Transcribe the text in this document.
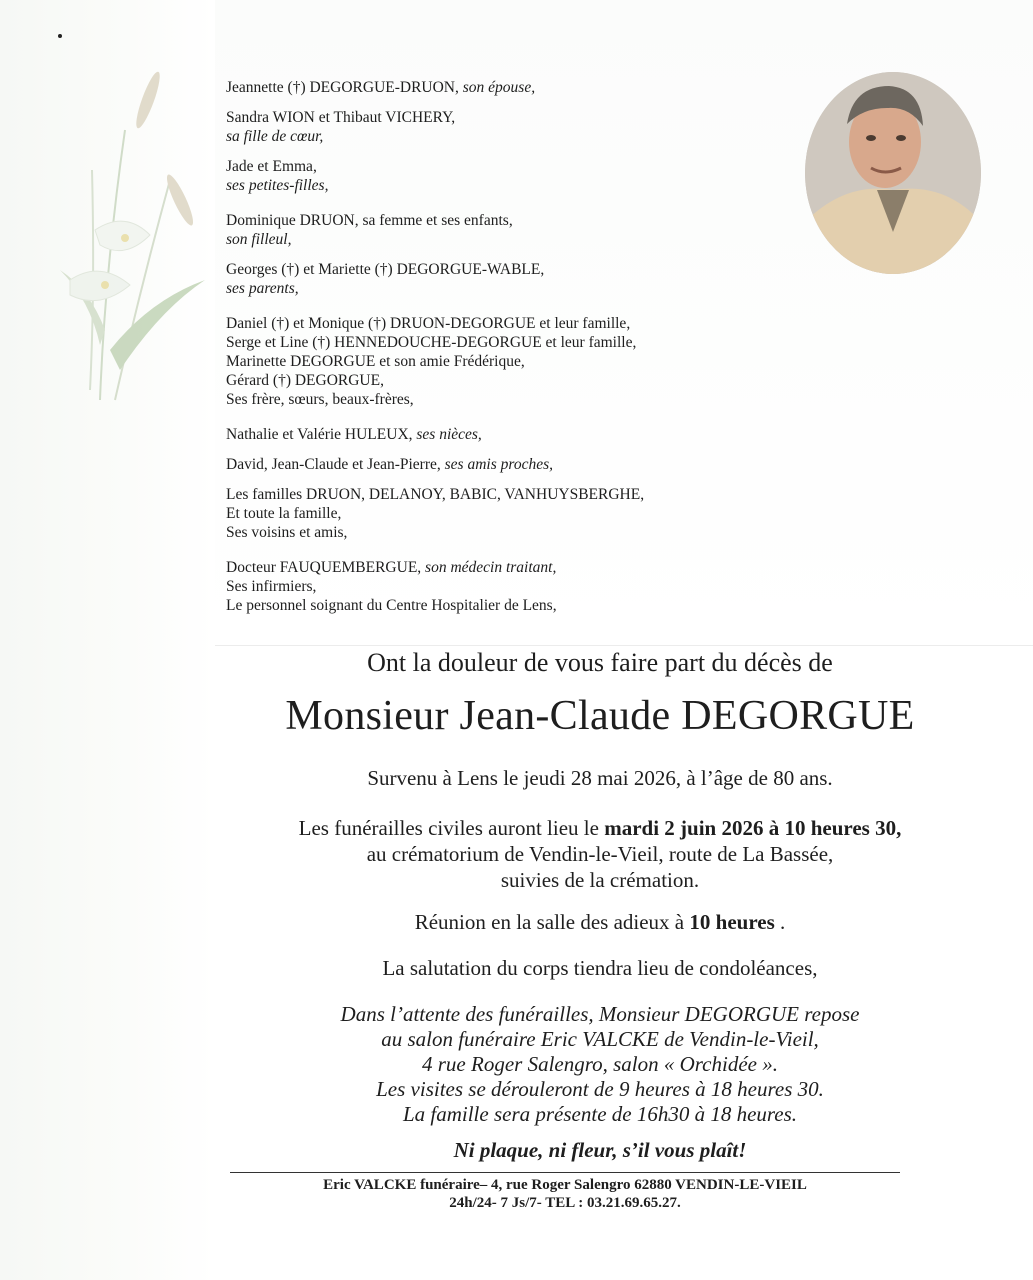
Jeannette (†) DEGORGUE-DRUON, son épouse,
Sandra WION et Thibaut VICHERY,
sa fille de cœur,
Jade et Emma,
ses petites-filles,
Dominique DRUON, sa femme et ses enfants,
son filleul,
Georges (†) et Mariette (†) DEGORGUE-WABLE,
ses parents,
Daniel (†) et Monique (†) DRUON-DEGORGUE et leur famille,
Serge et Line (†) HENNEDOUCHE-DEGORGUE et leur famille,
Marinette DEGORGUE et son amie Frédérique,
Gérard (†) DEGORGUE,
Ses frère, sœurs, beaux-frères,
Nathalie et Valérie HULEUX, ses nièces,
David, Jean-Claude et Jean-Pierre, ses amis proches,
Les familles DRUON, DELANOY, BABIC, VANHUYSBERGHE,
Et toute la famille,
Ses voisins et amis,
Docteur FAUQUEMBERGUE, son médecin traitant,
Ses infirmiers,
Le personnel soignant du Centre Hospitalier de Lens,
Ont la douleur de vous faire part du décès de
Monsieur Jean-Claude DEGORGUE
Survenu à Lens le jeudi 28 mai 2026, à l’âge de 80 ans.
Les funérailles civiles auront lieu le mardi 2 juin 2026 à 10 heures 30,
au crématorium de Vendin-le-Vieil, route de La Bassée,
suivies de la crémation.
Réunion en la salle des adieux à 10 heures .
La salutation du corps tiendra lieu de condoléances,
Dans l’attente des funérailles, Monsieur DEGORGUE repose
au salon funéraire Eric VALCKE de Vendin-le-Vieil,
4 rue Roger Salengro, salon « Orchidée ».
Les visites se dérouleront de 9 heures à 18 heures 30.
La famille sera présente de 16h30 à 18 heures.
Ni plaque, ni fleur, s’il vous plaît!
Eric VALCKE funéraire– 4, rue Roger Salengro 62880 VENDIN-LE-VIEIL
24h/24- 7 Js/7- TEL : 03.21.69.65.27.
